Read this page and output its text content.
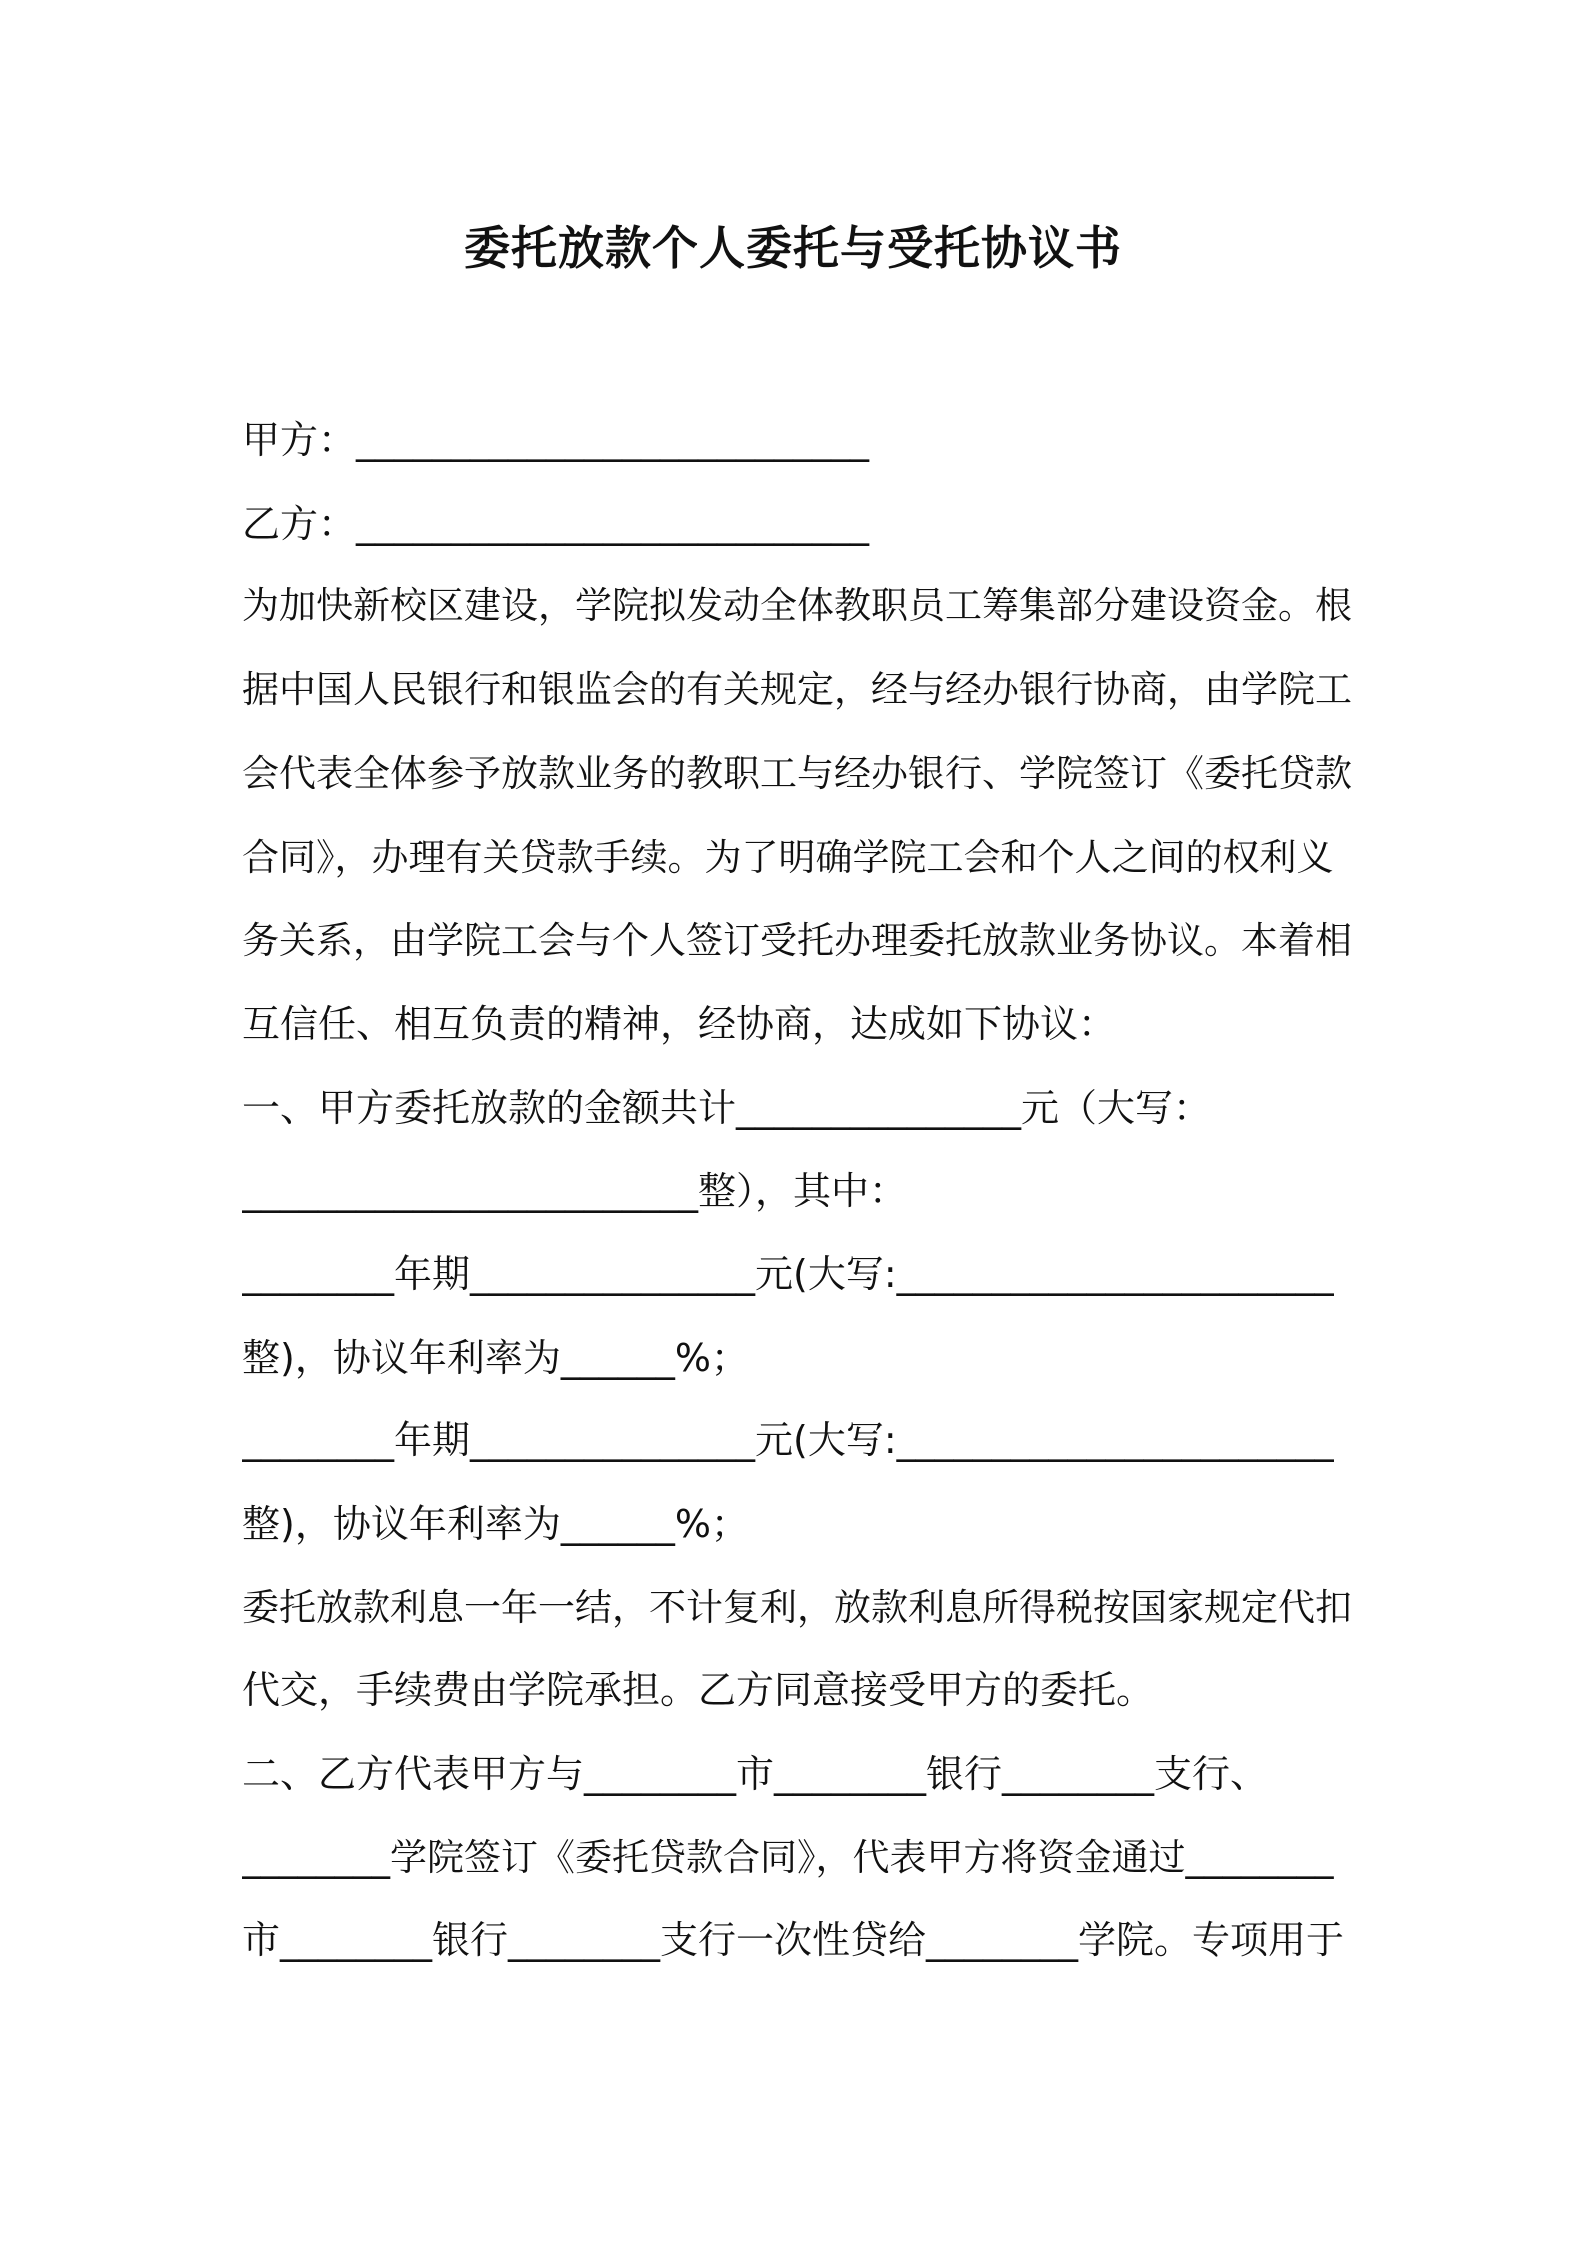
委托放款个人委托与受托协议书

甲方：___________________________

乙方：___________________________

为加快新校区建设，学院拟发动全体教职员工筹集部分建设资金。根

据中国人民银行和银监会的有关规定，经与经办银行协商，由学院工

会代表全体参予放款业务的教职工与经办银行、学院签订《委托贷款

合同》，办理有关贷款手续。为了明确学院工会和个人之间的权利义

务关系，由学院工会与个人签订受托办理委托放款业务协议。本着相

互信任、相互负责的精神，经协商，达成如下协议：

一、甲方委托放款的金额共计_______________元（大写：

________________________整），其中：

________年期_______________元(大写:_______________________

整)，协议年利率为______%；

________年期_______________元(大写:_______________________

整)，协议年利率为______%；

委托放款利息一年一结，不计复利，放款利息所得税按国家规定代扣

代交，手续费由学院承担。乙方同意接受甲方的委托。

二、乙方代表甲方与________市________银行________支行、

________学院签订《委托贷款合同》，代表甲方将资金通过________

市________银行________支行一次性贷给________学院。专项用于
